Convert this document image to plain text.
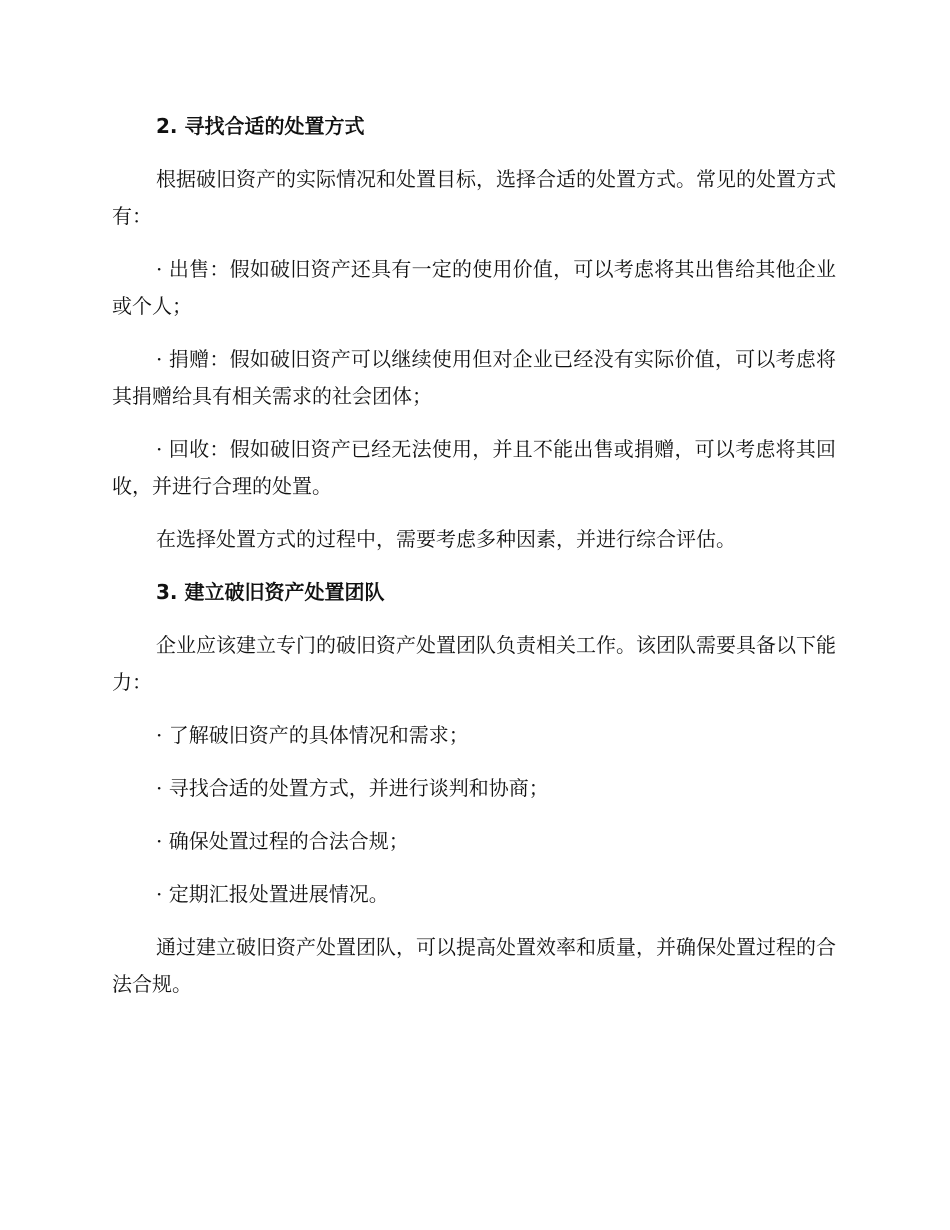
2. 寻找合适的处置方式

根据破旧资产的实际情况和处置目标，选择合适的处置方式。常见的处置方式有：

· 出售：假如破旧资产还具有一定的使用价值，可以考虑将其出售给其他企业或个人；

· 捐赠：假如破旧资产可以继续使用但对企业已经没有实际价值，可以考虑将其捐赠给具有相关需求的社会团体；

· 回收：假如破旧资产已经无法使用，并且不能出售或捐赠，可以考虑将其回收，并进行合理的处置。

在选择处置方式的过程中，需要考虑多种因素，并进行综合评估。

3. 建立破旧资产处置团队

企业应该建立专门的破旧资产处置团队负责相关工作。该团队需要具备以下能力：

· 了解破旧资产的具体情况和需求；

· 寻找合适的处置方式，并进行谈判和协商；

· 确保处置过程的合法合规；

· 定期汇报处置进展情况。

通过建立破旧资产处置团队，可以提高处置效率和质量，并确保处置过程的合法合规。
